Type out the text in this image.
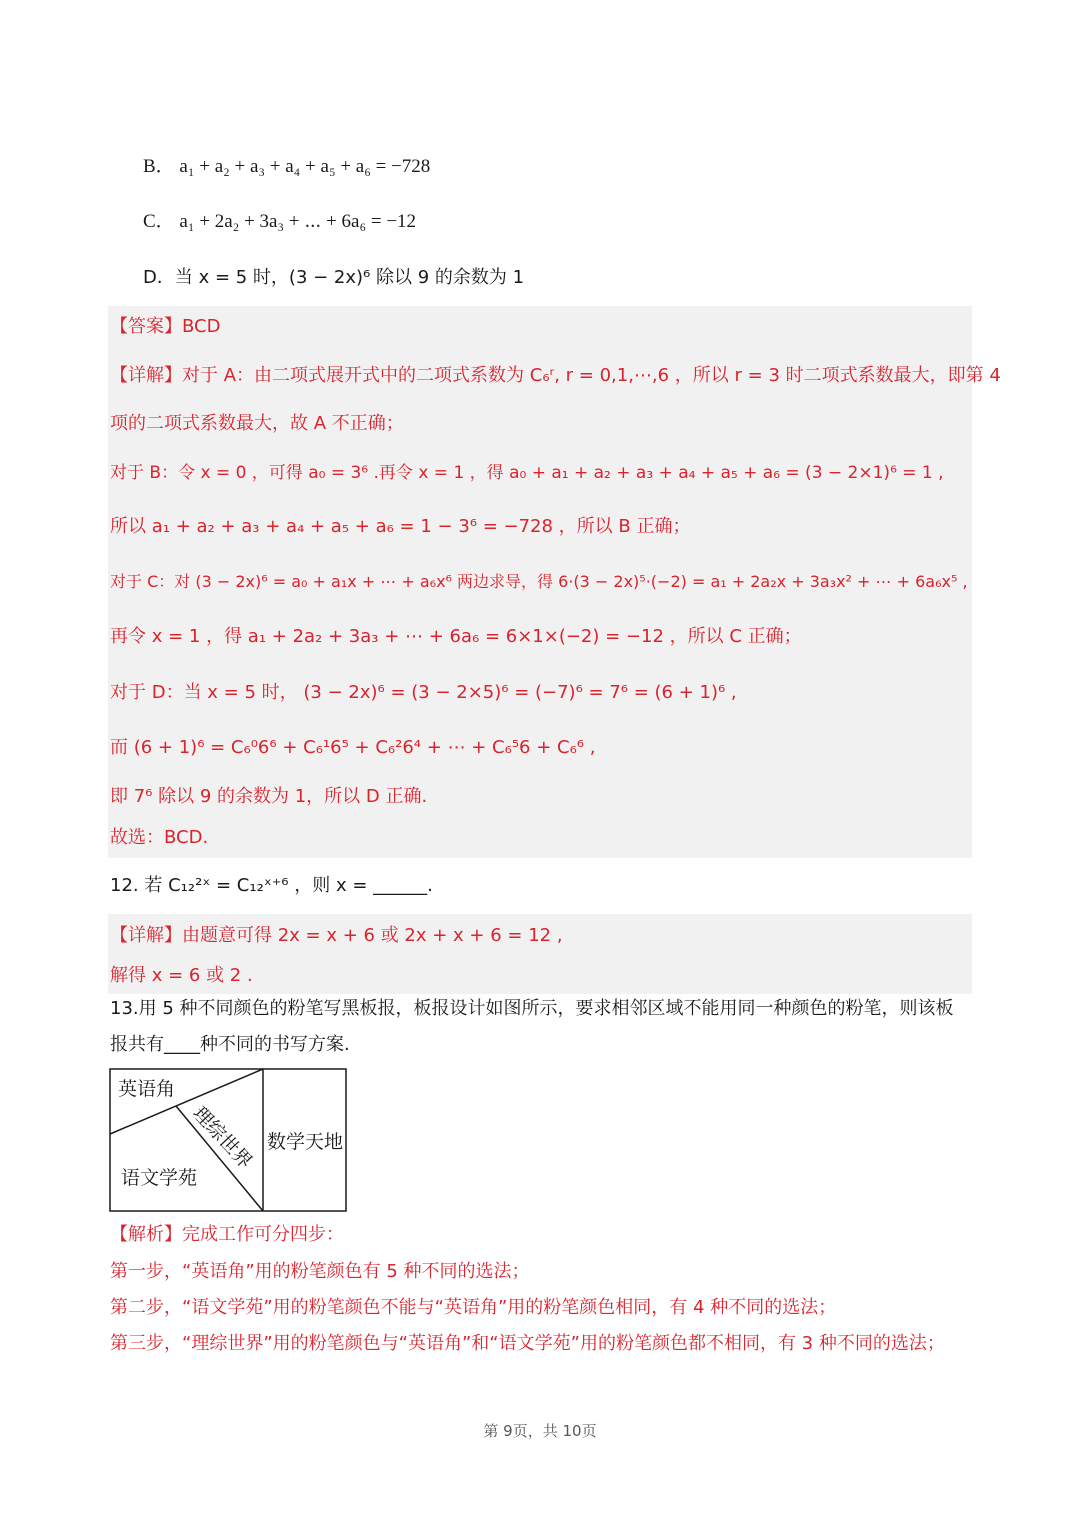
B． a₁ + a₂ + a₃ + a₄ + a₅ + a₆ = −728
C． a₁ + 2a₂ + 3a₃ + ⋯ + 6a₆ = −12
D．当 x = 5 时，(3 − 2x)⁶ 除以 9 的余数为 1
【答案】BCD
【详解】对于 A：由二项式展开式中的二项式系数为 C₆ʳ, r = 0,1,⋯,6 ，所以 r = 3 时二项式系数最大，即第 4
项的二项式系数最大，故 A 不正确；
对于 B：令 x = 0 ，可得 a₀ = 3⁶ .再令 x = 1 ，得 a₀ + a₁ + a₂ + a₃ + a₄ + a₅ + a₆ = (3 − 2×1)⁶ = 1 ,
所以 a₁ + a₂ + a₃ + a₄ + a₅ + a₆ = 1 − 3⁶ = −728 ，所以 B 正确；
对于 C：对 (3 − 2x)⁶ = a₀ + a₁x + ⋯ + a₆x⁶ 两边求导，得 6·(3 − 2x)⁵·(−2) = a₁ + 2a₂x + 3a₃x² + ⋯ + 6a₆x⁵ ,
再令 x = 1 ，得 a₁ + 2a₂ + 3a₃ + ⋯ + 6a₆ = 6×1×(−2) = −12 ，所以 C 正确；
对于 D：当 x = 5 时， (3 − 2x)⁶ = (3 − 2×5)⁶ = (−7)⁶ = 7⁶ = (6 + 1)⁶ ,
而 (6 + 1)⁶ = C₆⁰6⁶ + C₆¹6⁵ + C₆²6⁴ + ⋯ + C₆⁵6 + C₆⁶ ,
即 7⁶ 除以 9 的余数为 1，所以 D 正确.
故选：BCD.
12. 若 C₁₂²ˣ = C₁₂ˣ⁺⁶ ，则 x = ______.
【详解】由题意可得 2x = x + 6 或 2x + x + 6 = 12 ,
解得 x = 6 或 2 .
13.用 5 种不同颜色的粉笔写黑板报，板报设计如图所示，要求相邻区域不能用同一种颜色的粉笔，则该板
报共有____种不同的书写方案.
英语角
理综世界
语文学苑
数学天地
【解析】完成工作可分四步：
第一步，“英语角”用的粉笔颜色有 5 种不同的选法；
第二步，“语文学苑”用的粉笔颜色不能与“英语角”用的粉笔颜色相同，有 4 种不同的选法；
第三步，“理综世界”用的粉笔颜色与“英语角”和“语文学苑”用的粉笔颜色都不相同，有 3 种不同的选法；
第 9页，共 10页
